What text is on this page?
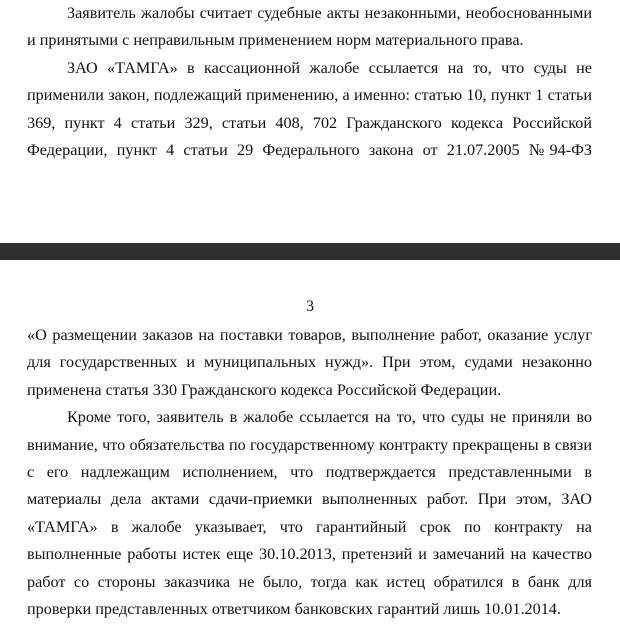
Заявитель жалобы считает судебные акты незаконными, необоснованными и принятыми с неправильным применением норм материального права.

ЗАО «ТАМГА» в кассационной жалобе ссылается на то, что суды не применили закон, подлежащий применению, а именно: статью 10, пункт 1 статьи 369, пункт 4 статьи 329, статьи 408, 702 Гражданского кодекса Российской Федерации, пункт 4 статьи 29 Федерального закона от 21.07.2005 №94-ФЗ

3

«О размещении заказов на поставки товаров, выполнение работ, оказание услуг для государственных и муниципальных нужд». При этом, судами незаконно применена статья 330 Гражданского кодекса Российской Федерации.

Кроме того, заявитель в жалобе ссылается на то, что суды не приняли во внимание, что обязательства по государственному контракту прекращены в связи с его надлежащим исполнением, что подтверждается представленными в материалы дела актами сдачи-приемки выполненных работ. При этом, ЗАО «ТАМГА» в жалобе указывает, что гарантийный срок по контракту на выполненные работы истек еще 30.10.2013, претензий и замечаний на качество работ со стороны заказчика не было, тогда как истец обратился в банк для проверки представленных ответчиком банковских гарантий лишь 10.01.2014.
